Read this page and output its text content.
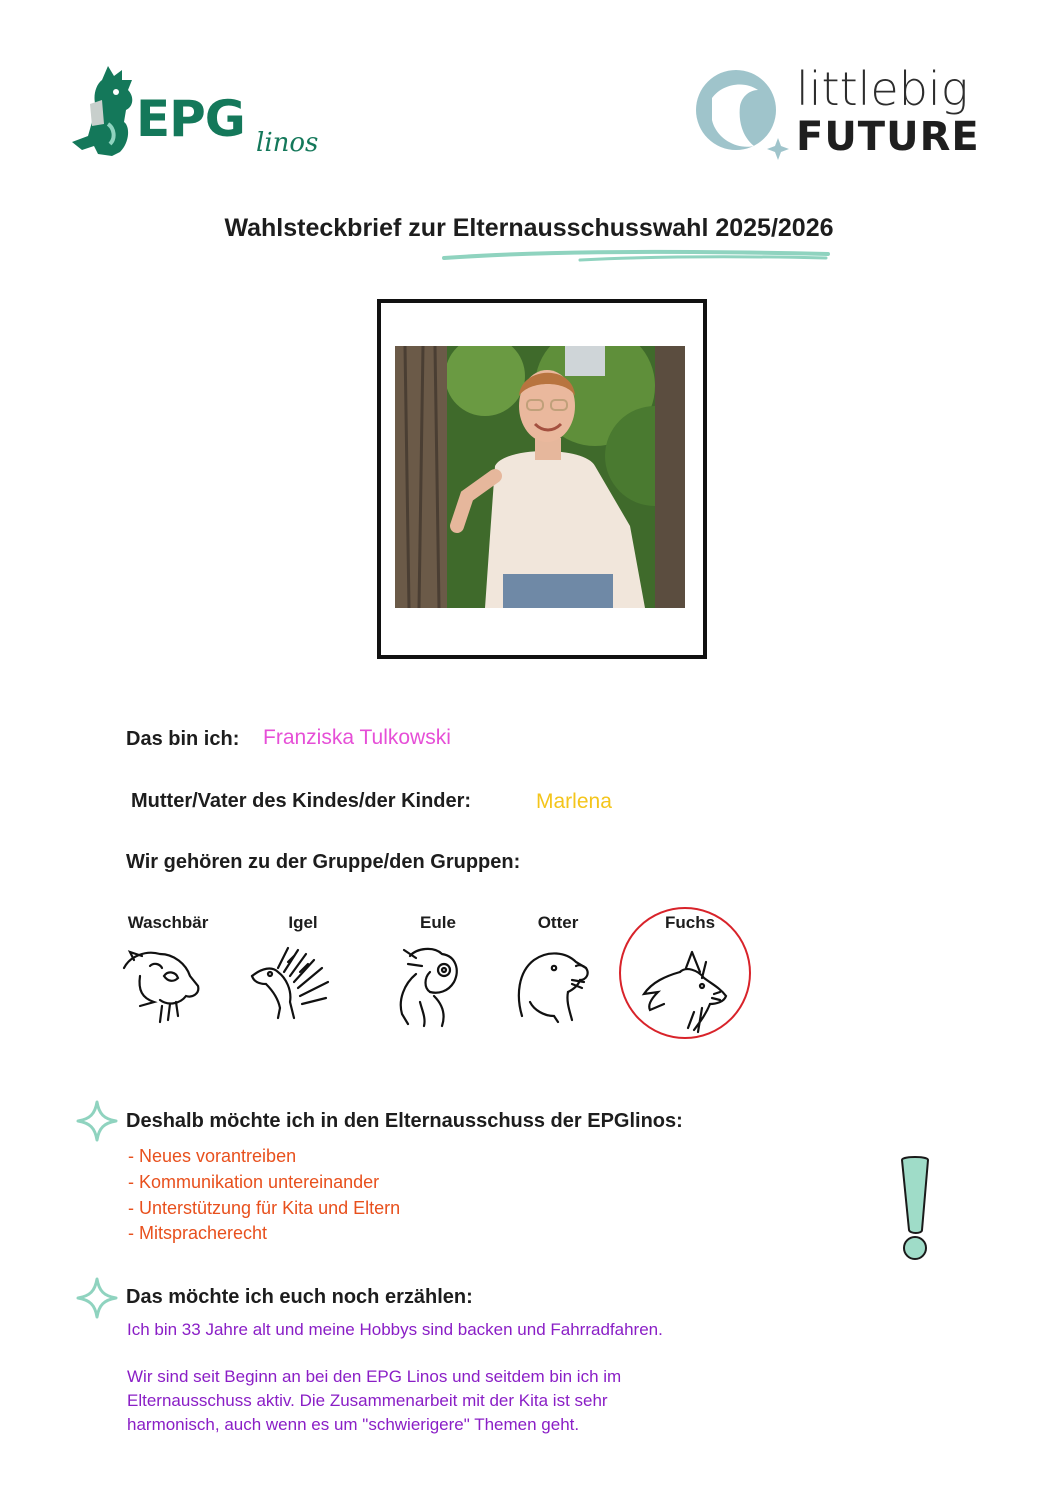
EPG linos
littlebig
FUTURE
Wahlsteckbrief zur Elternausschusswahl 2025/2026
Das bin ich: Franziska Tulkowski
Mutter/Vater des Kindes/der Kinder:	Marlena
Wir gehören zu der Gruppe/den Gruppen:
Waschbär	Igel	Eule	Otter	Fuchs
Deshalb möchte ich in den Elternausschuss der EPGlinos:
- Neues vorantreiben
- Kommunikation untereinander
- Unterstützung für Kita und Eltern
- Mitspracherecht
Das möchte ich euch noch erzählen:
Ich bin 33 Jahre alt und meine Hobbys sind backen und Fahrradfahren.
Wir sind seit Beginn an bei den EPG Linos und seitdem bin ich im
Elternausschuss aktiv. Die Zusammenarbeit mit der Kita ist sehr
harmonisch, auch wenn es um "schwierigere" Themen geht.
